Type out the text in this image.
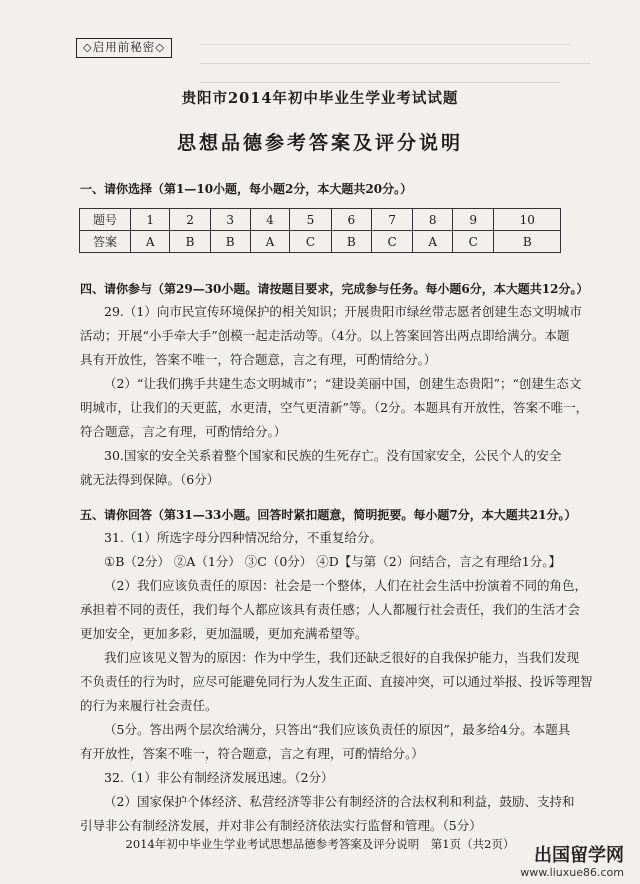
◇启用前秘密◇
贵阳市2014年初中毕业生学业考试试题
思想品德参考答案及评分说明
一、请你选择（第1—10小题，每小题2分，本大题共20分。）
题号	1	2	3	4	5	6	7	8	9	10
答案	A	B	B	A	C	B	C	A	C	B
四、请你参与（第29—30小题。请按题目要求，完成参与任务。每小题6分，本大题共12分。）
29.（1）向市民宣传环境保护的相关知识；开展贵阳市绿丝带志愿者创建生态文明城市
活动；开展“小手牵大手”创模一起走活动等。（4分。以上答案回答出两点即给满分。本题
具有开放性，答案不唯一，符合题意，言之有理，可酌情给分。）
（2）“让我们携手共建生态文明城市”；“建设美丽中国，创建生态贵阳”；“创建生态文
明城市，让我们的天更蓝，水更清，空气更清新”等。（2分。本题具有开放性，答案不唯一，
符合题意，言之有理，可酌情给分。）
30.国家的安全关系着整个国家和民族的生死存亡。没有国家安全，公民个人的安全
就无法得到保障。（6分）
五、请你回答（第31—33小题。回答时紧扣题意，简明扼要。每小题7分，本大题共21分。）
31.（1）所选字母分四种情况给分，不重复给分。
①B（2分） ②A（1分） ③C（0分） ④D【与第（2）问结合，言之有理给1分。】
（2）我们应该负责任的原因：社会是一个整体，人们在社会生活中扮演着不同的角色，
承担着不同的责任，我们每个人都应该具有责任感；人人都履行社会责任，我们的生活才会
更加安全，更加多彩，更加温暖，更加充满希望等。
我们应该见义智为的原因：作为中学生，我们还缺乏很好的自我保护能力，当我们发现
不负责任的行为时，应尽可能避免同行为人发生正面、直接冲突，可以通过举报、投诉等理智
的行为来履行社会责任。
（5分。答出两个层次给满分，只答出“我们应该负责任的原因”，最多给4分。本题具
有开放性，答案不唯一，符合题意，言之有理，可酌情给分。）
32.（1）非公有制经济发展迅速。（2分）
（2）国家保护个体经济、私营经济等非公有制经济的合法权利和利益，鼓励、支持和
引导非公有制经济发展，并对非公有制经济依法实行监督和管理。（5分）
2014年初中毕业生学业考试思想品德参考答案及评分说明　第1页（共2页）
出国留学网
www.liuxue86.com
